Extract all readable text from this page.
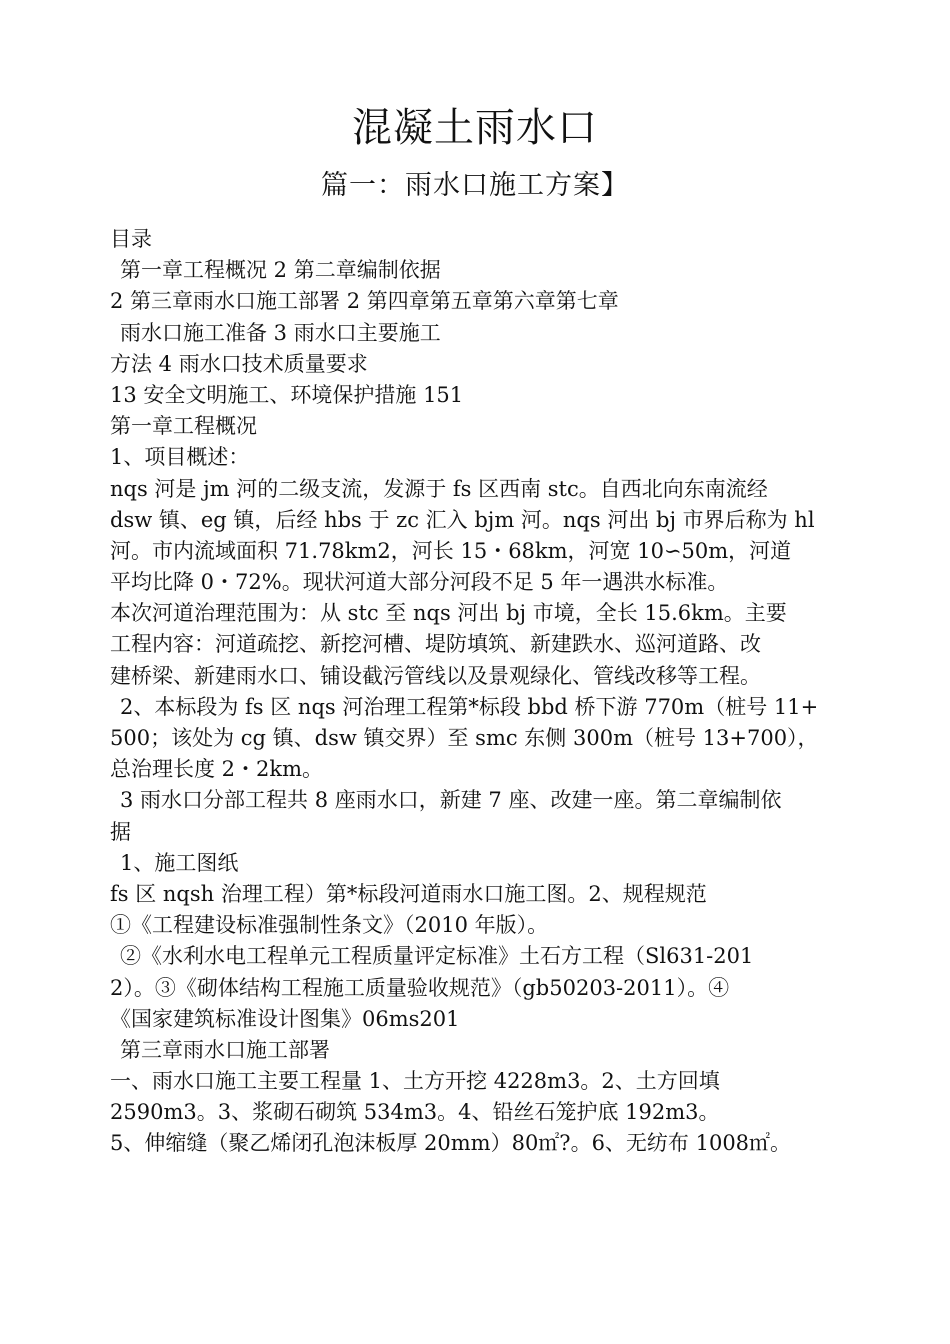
混凝土雨水口
篇一：雨水口施工方案】
目录
第一章工程概况 2 第二章编制依据
2 第三章雨水口施工部署 2 第四章第五章第六章第七章
雨水口施工准备 3 雨水口主要施工
方法 4 雨水口技术质量要求
13 安全文明施工、环境保护措施 151
第一章工程概况
1、项目概述：
nqs 河是 jm 河的二级支流，发源于 fs 区西南 stc。自西北向东南流经
dsw 镇、eg 镇，后经 hbs 于 zc 汇入 bjm 河。nqs 河出 bj 市界后称为 hl
河。市内流域面积 71.78km2，河长 15・68km，河宽 10∽50m，河道
平均比降 0・72%。现状河道大部分河段不足 5 年一遇洪水标准。
本次河道治理范围为：从 stc 至 nqs 河出 bj 市境，全长 15.6km。主要
工程内容：河道疏挖、新挖河槽、堤防填筑、新建跌水、巡河道路、改
建桥梁、新建雨水口、铺设截污管线以及景观绿化、管线改移等工程。
2、本标段为 fs 区 nqs 河治理工程第*标段 bbd 桥下游 770m（桩号 11+
500；该处为 cg 镇、dsw 镇交界）至 smc 东侧 300m（桩号 13+700），
总治理长度 2・2km。
3 雨水口分部工程共 8 座雨水口，新建 7 座、改建一座。第二章编制依
据
1、施工图纸
fs 区 nqsh 治理工程）第*标段河道雨水口施工图。2、规程规范
①《工程建设标准强制性条文》（2010 年版）。
②《水利水电工程单元工程质量评定标准》土石方工程（Sl631-201
2）。③《砌体结构工程施工质量验收规范》（gb50203-2011）。④
《国家建筑标准设计图集》06ms201
第三章雨水口施工部署
一、雨水口施工主要工程量 1、土方开挖 4228m3。2、土方回填
2590m3。3、浆砌石砌筑 534m3。4、铅丝石笼护底 192m3。
5、伸缩缝（聚乙烯闭孔泡沫板厚 20mm）80㎡?。6、无纺布 1008㎡。
